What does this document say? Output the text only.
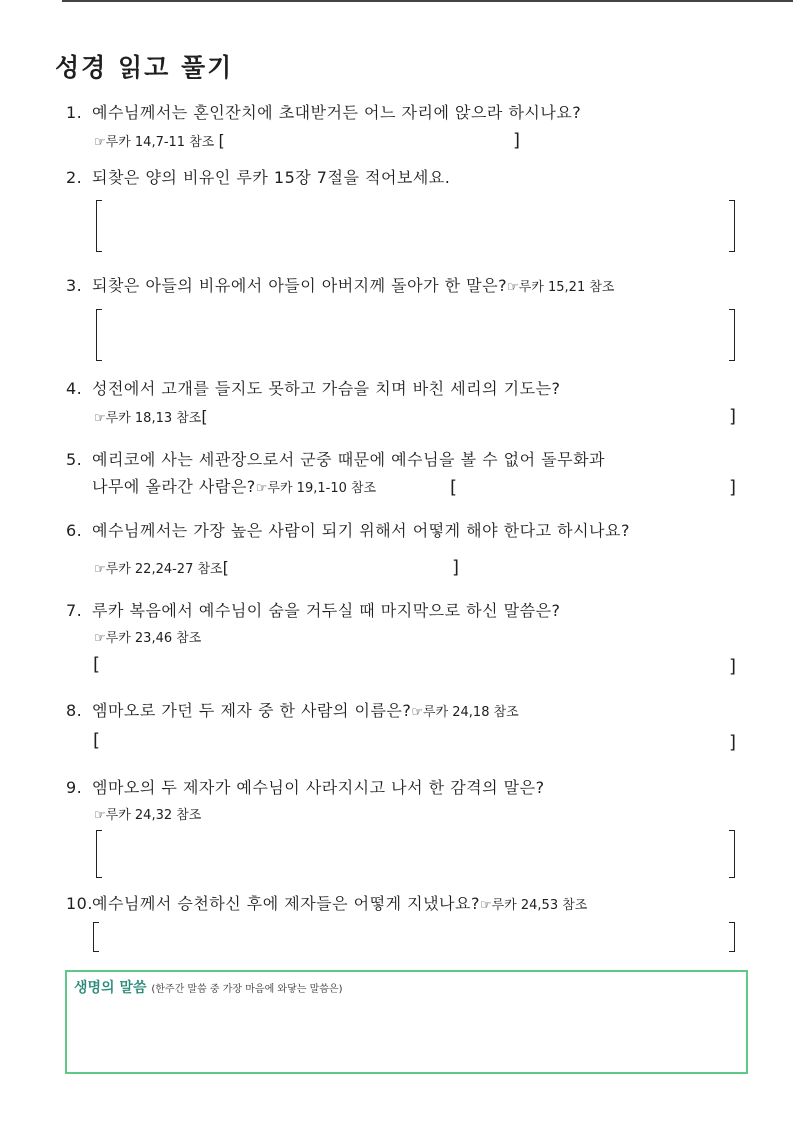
성경 읽고 풀기
1. 예수님께서는 혼인잔치에 초대받거든 어느 자리에 앉으라 하시나요?
☞루카 14,7-11 참조 [	]
2. 되찾은 양의 비유인 루카 15장 7절을 적어보세요.
3. 되찾은 아들의 비유에서 아들이 아버지께 돌아가 한 말은?☞루카 15,21 참조
4. 성전에서 고개를 들지도 못하고 가슴을 치며 바친 세리의 기도는?
☞루카 18,13 참조[	]
5. 예리코에 사는 세관장으로서 군중 때문에 예수님을 볼 수 없어 돌무화과
나무에 올라간 사람은?☞루카 19,1-10 참조	[	]
6. 예수님께서는 가장 높은 사람이 되기 위해서 어떻게 해야 한다고 하시나요?
☞루카 22,24-27 참조[	]
7. 루카 복음에서 예수님이 숨을 거두실 때 마지막으로 하신 말씀은?
☞루카 23,46 참조
[	]
8. 엠마오로 가던 두 제자 중 한 사람의 이름은?☞루카 24,18 참조
[	]
9. 엠마오의 두 제자가 예수님이 사라지시고 나서 한 감격의 말은?
☞루카 24,32 참조
10.예수님께서 승천하신 후에 제자들은 어떻게 지냈나요?☞루카 24,53 참조
생명의 말씀 (한주간 말씀 중 가장 마음에 와닿는 말씀은)
